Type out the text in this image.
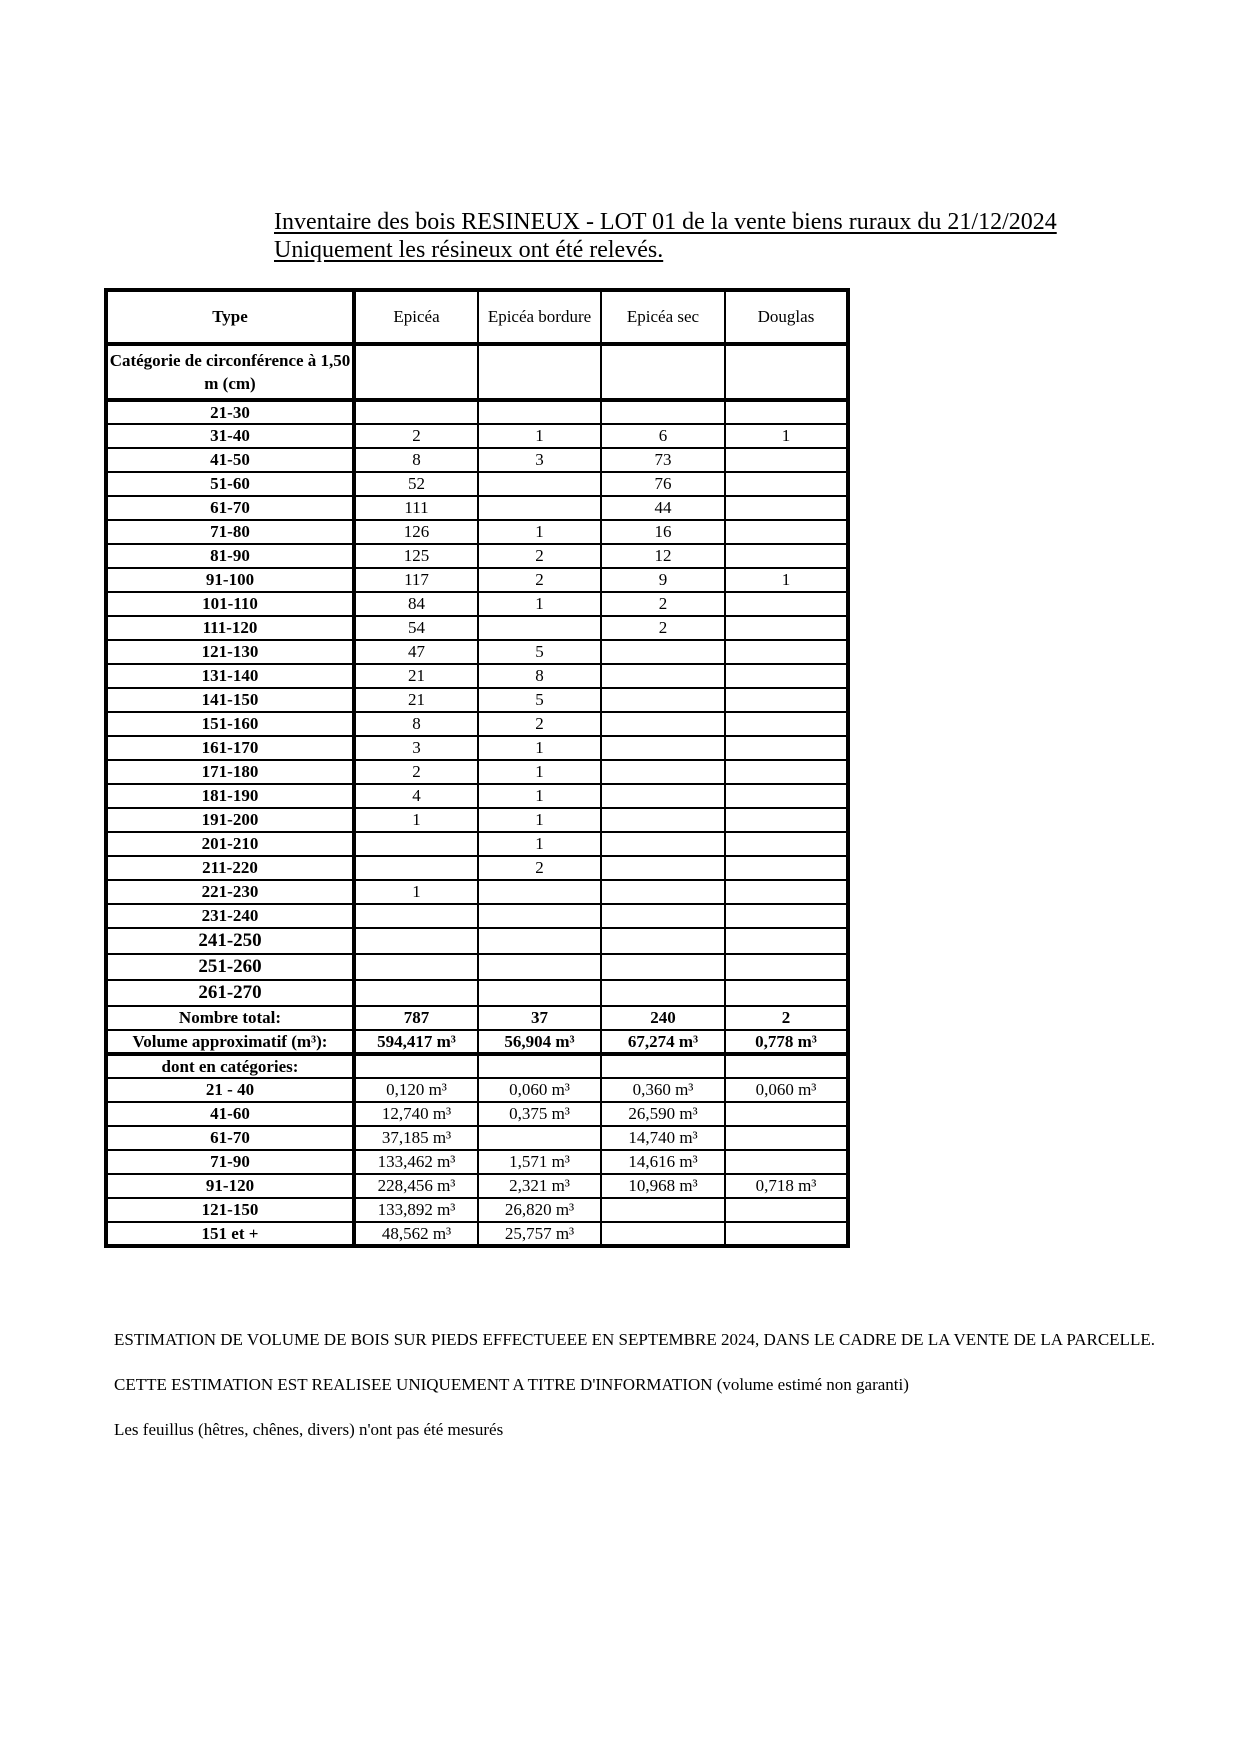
Inventaire des bois RESINEUX - LOT 01 de la vente biens ruraux du 21/12/2024
Uniquement les résineux ont été relevés.
Type	Epicéa	Epicéa bordure	Epicéa sec	Douglas
Catégorie de circonférence à 1,50 m (cm)				
21-30				
31-40	2	1	6	1
41-50	8	3	73	
51-60	52		76	
61-70	111		44	
71-80	126	1	16	
81-90	125	2	12	
91-100	117	2	9	1
101-110	84	1	2	
111-120	54		2	
121-130	47	5		
131-140	21	8		
141-150	21	5		
151-160	8	2		
161-170	3	1		
171-180	2	1		
181-190	4	1		
191-200	1	1		
201-210		1		
211-220		2		
221-230	1			
231-240				
241-250				
251-260				
261-270				
Nombre total:	787	37	240	2
Volume approximatif (m³):	594,417 m³	56,904 m³	67,274 m³	0,778 m³
dont en catégories:				
21 - 40	0,120 m³	0,060 m³	0,360 m³	0,060 m³
41-60	12,740 m³	0,375 m³	26,590 m³	
61-70	37,185 m³		14,740 m³	
71-90	133,462 m³	1,571 m³	14,616 m³	
91-120	228,456 m³	2,321 m³	10,968 m³	0,718 m³
121-150	133,892 m³	26,820 m³		
151 et +	48,562 m³	25,757 m³		

ESTIMATION DE VOLUME DE BOIS SUR PIEDS EFFECTUEEE EN SEPTEMBRE 2024, DANS LE CADRE DE LA VENTE DE LA PARCELLE.

CETTE ESTIMATION EST REALISEE UNIQUEMENT A TITRE D'INFORMATION (volume estimé non garanti)

Les feuillus (hêtres, chênes, divers) n'ont pas été mesurés
